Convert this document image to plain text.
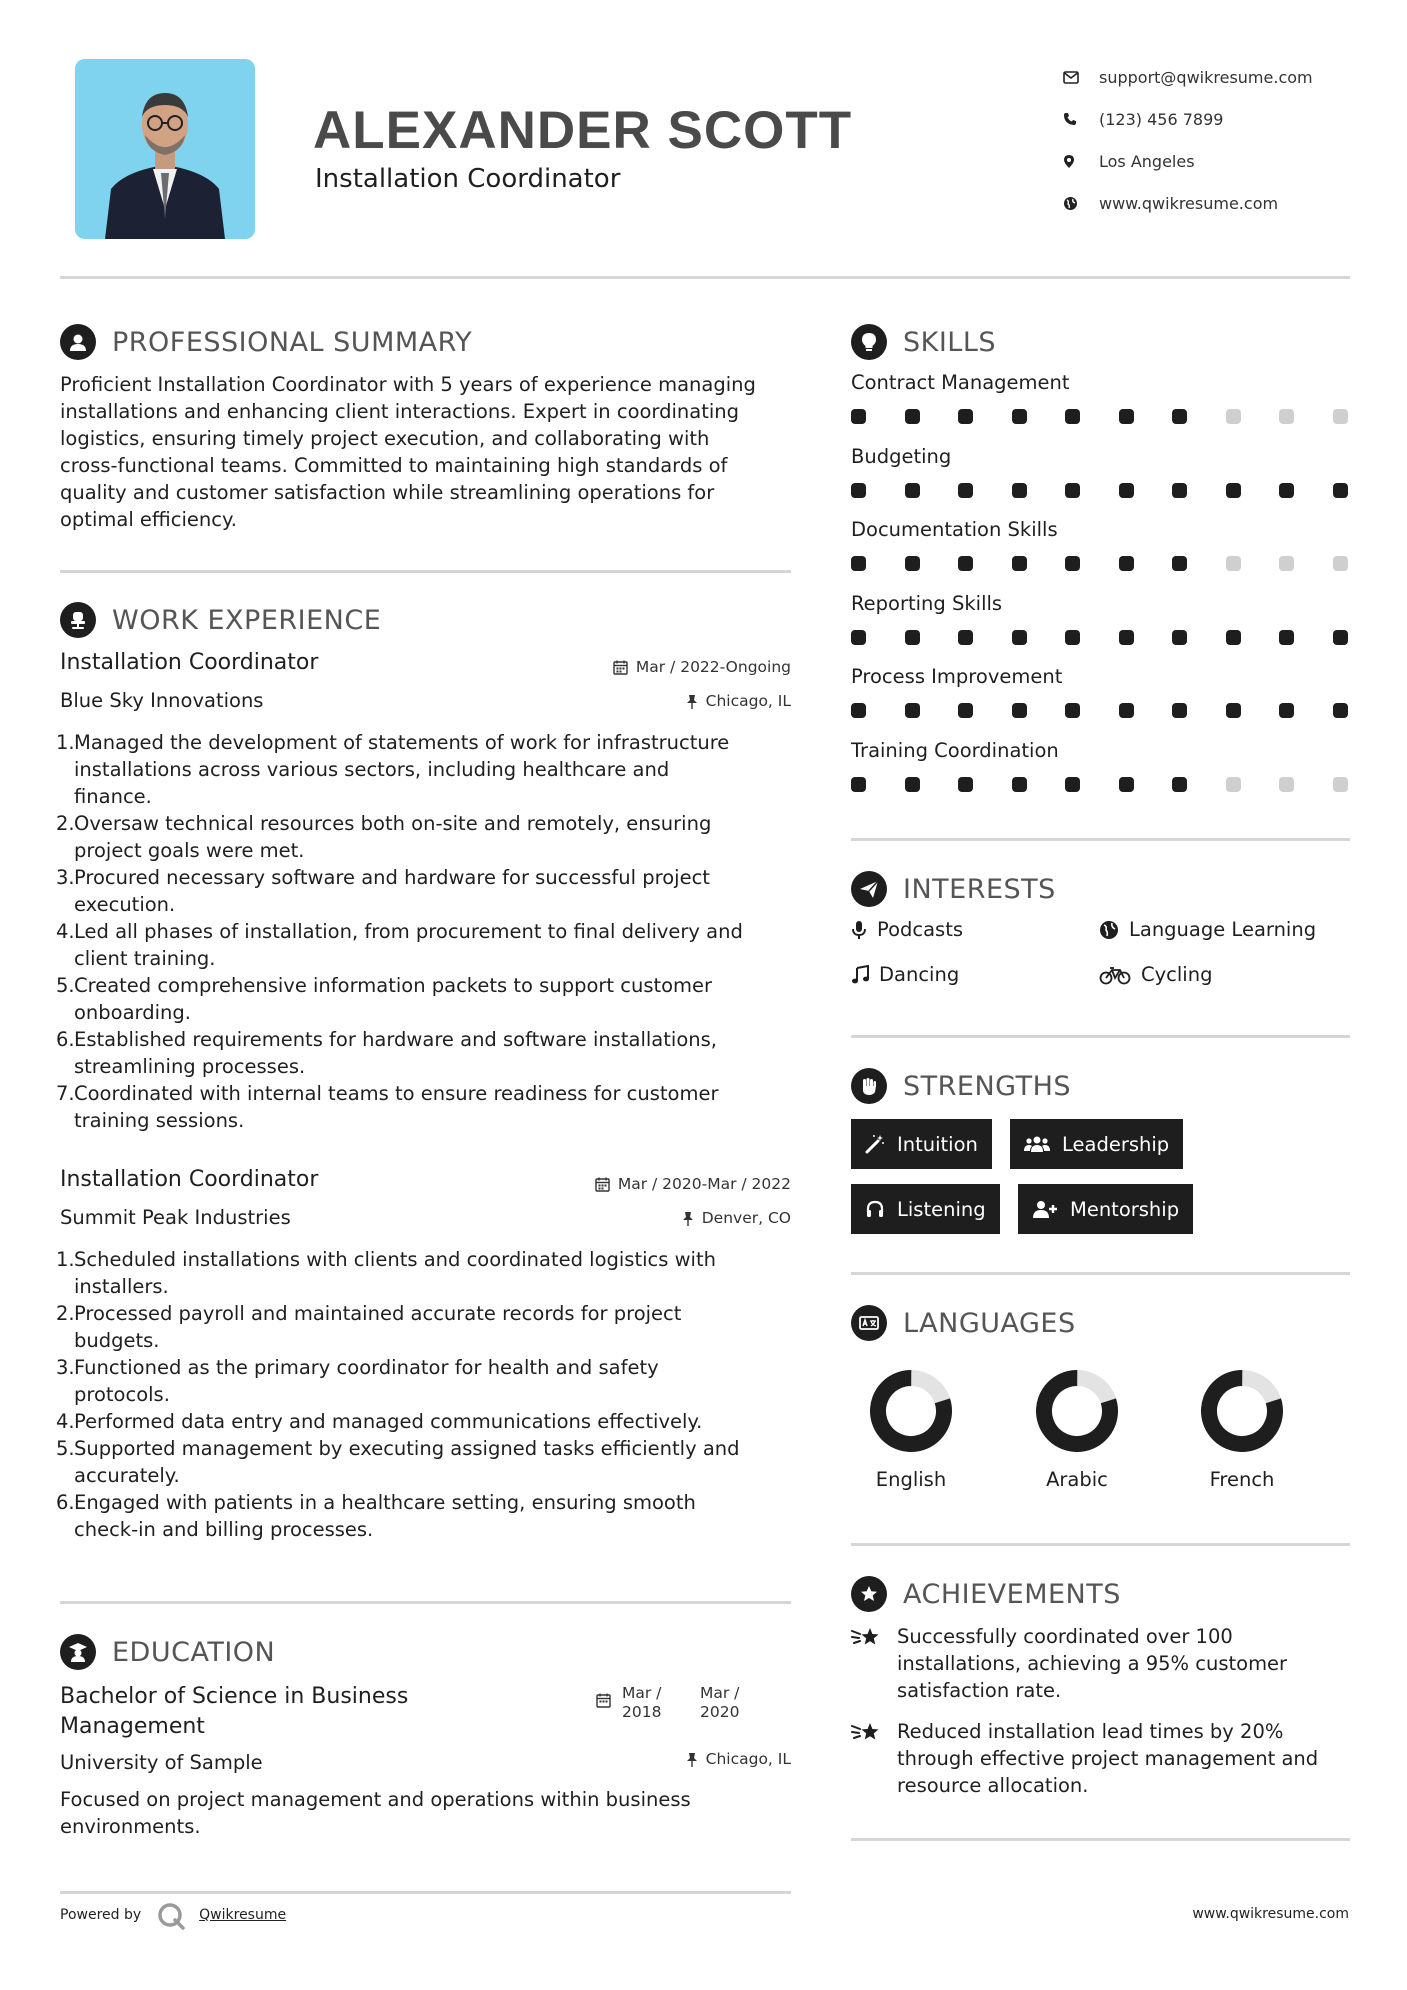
ALEXANDER SCOTT
Installation Coordinator
support@qwikresume.com
(123) 456 7899
Los Angeles
www.qwikresume.com
PROFESSIONAL SUMMARY
Proficient Installation Coordinator with 5 years of experience managing
installations and enhancing client interactions. Expert in coordinating
logistics, ensuring timely project execution, and collaborating with
cross-functional teams. Committed to maintaining high standards of
quality and customer satisfaction while streamlining operations for
optimal efficiency.
WORK EXPERIENCE
Installation Coordinator	Mar / 2022-Ongoing
Blue Sky Innovations	Chicago, IL
1. Managed the development of statements of work for infrastructure
installations across various sectors, including healthcare and
finance.
2. Oversaw technical resources both on-site and remotely, ensuring
project goals were met.
3. Procured necessary software and hardware for successful project
execution.
4. Led all phases of installation, from procurement to final delivery and
client training.
5. Created comprehensive information packets to support customer
onboarding.
6. Established requirements for hardware and software installations,
streamlining processes.
7. Coordinated with internal teams to ensure readiness for customer
training sessions.
Installation Coordinator	Mar / 2020-Mar / 2022
Summit Peak Industries	Denver, CO
1. Scheduled installations with clients and coordinated logistics with
installers.
2. Processed payroll and maintained accurate records for project
budgets.
3. Functioned as the primary coordinator for health and safety
protocols.
4. Performed data entry and managed communications effectively.
5. Supported management by executing assigned tasks efficiently and
accurately.
6. Engaged with patients in a healthcare setting, ensuring smooth
check-in and billing processes.
EDUCATION
Bachelor of Science in Business
Management
Mar /
2018
Mar /
2020
University of Sample	Chicago, IL
Focused on project management and operations within business
environments.
SKILLS
Contract Management
Budgeting
Documentation Skills
Reporting Skills
Process Improvement
Training Coordination
INTERESTS
Podcasts	Language Learning
Dancing	Cycling
STRENGTHS
Intuition	Leadership
Listening	Mentorship
LANGUAGES
English	Arabic	French
ACHIEVEMENTS
Successfully coordinated over 100
installations, achieving a 95% customer
satisfaction rate.
Reduced installation lead times by 20%
through effective project management and
resource allocation.
Powered by	Qwikresume	www.qwikresume.com
